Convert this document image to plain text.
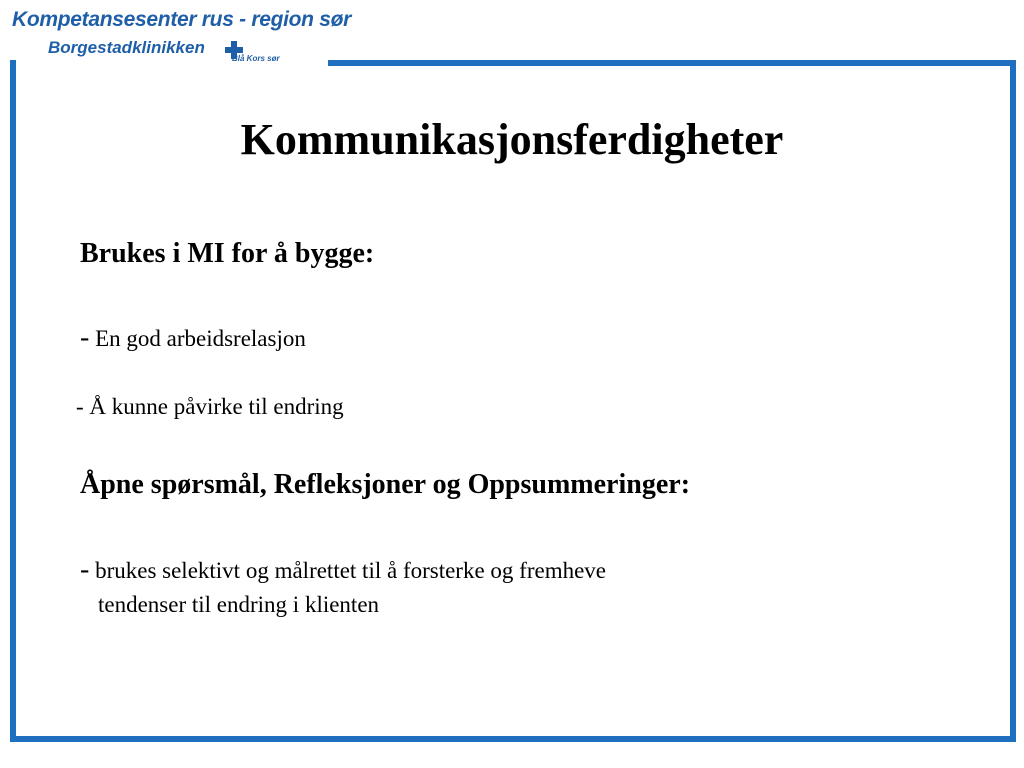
Kompetansesenter rus - region sør
Borgestadklinikken
Blå Kors sør
Kommunikasjonsferdigheter

Brukes i MI for å bygge:

- En god arbeidsrelasjon

- Å kunne påvirke til endring

Åpne spørsmål, Refleksjoner og Oppsummeringer:

- brukes selektivt og målrettet til å forsterke og fremheve

tendenser til endring i klienten
